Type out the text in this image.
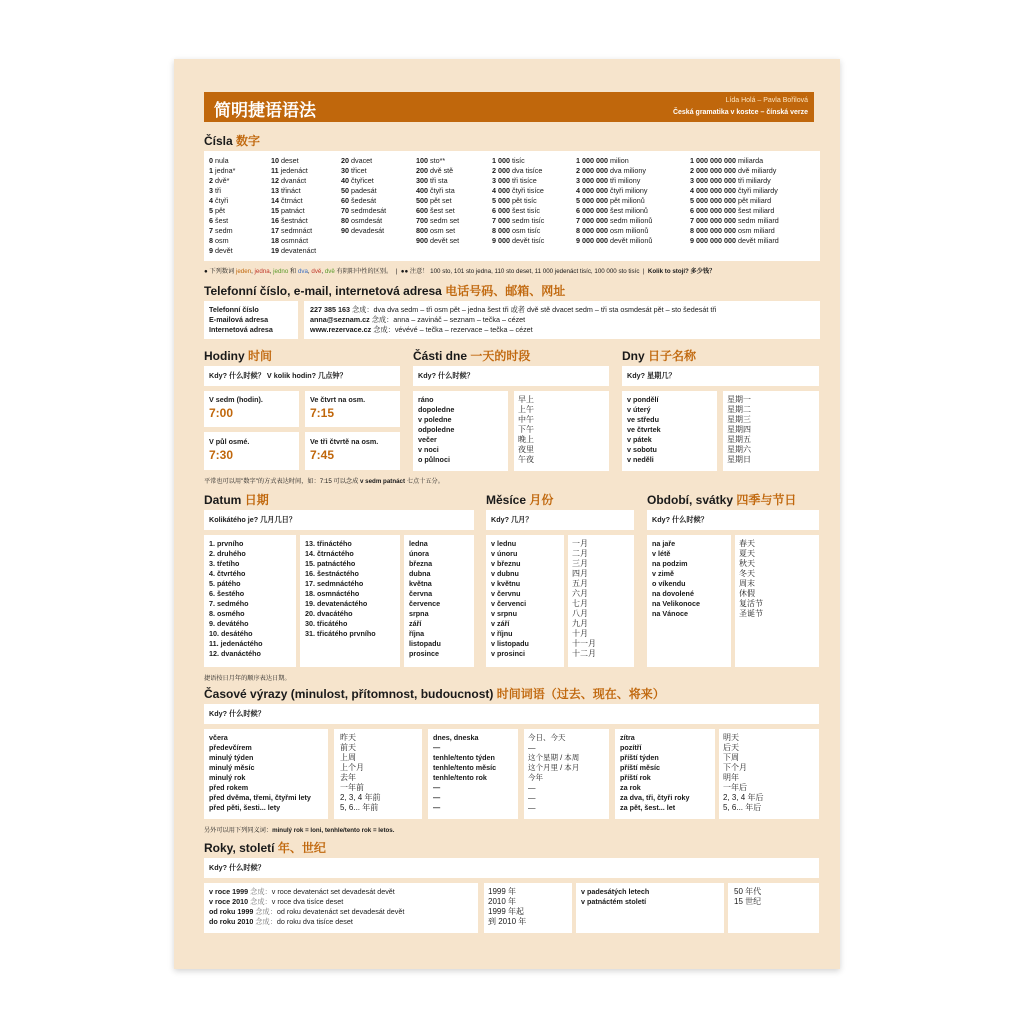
简明捷语语法
Lída Holá – Pavla Bořilová
Česká gramatika v kostce – čínská verze
Čísla 数字
0 nula
1 jedna*
2 dvě*
3 tři
4 čtyři
5 pět
6 šest
7 sedm
8 osm
9 devět
10 deset
11 jedenáct
12 dvanáct
13 třináct
14 čtrnáct
15 patnáct
16 šestnáct
17 sedmnáct
18 osmnáct
19 devatenáct
20 dvacet
30 třicet
40 čtyřicet
50 padesát
60 šedesát
70 sedmdesát
80 osmdesát
90 devadesát
100 sto**
200 dvě stě
300 tři sta
400 čtyři sta
500 pět set
600 šest set
700 sedm set
800 osm set
900 devět set
1 000 tisíc
2 000 dva tisíce
3 000 tři tisíce
4 000 čtyři tisíce
5 000 pět tisíc
6 000 šest tisíc
7 000 sedm tisíc
8 000 osm tisíc
9 000 devět tisíc
1 000 000 milion
2 000 000 dva miliony
3 000 000 tři miliony
4 000 000 čtyři miliony
5 000 000 pět milionů
6 000 000 šest milionů
7 000 000 sedm milionů
8 000 000 osm milionů
9 000 000 devět milionů
1 000 000 000 miliarda
2 000 000 000 dvě miliardy
3 000 000 000 tři miliardy
4 000 000 000 čtyři miliardy
5 000 000 000 pět miliard
6 000 000 000 šest miliard
7 000 000 000 sedm miliard
8 000 000 000 osm miliard
9 000 000 000 devět miliard
● 下列数词 jeden, jedna, jedno 和 dva, dvě, dvě 有阴阳中性的区别。  |  ●● 注意！ 100 sto, 101 sto jedna, 110 sto deset, 11 000 jedenáct tisíc, 100 000 sto tisíc  |  Kolik to stojí? 多少钱？
Telefonní číslo, e-mail, internetová adresa 电话号码、邮箱、网址
Telefonní číslo
E-mailová adresa
Internetová adresa
227 385 163 念成：dva dva sedm – tři osm pět – jedna šest tři 或者 dvě stě dvacet sedm – tři sta osmdesát pět – sto šedesát tři
anna@seznam.cz 念成：anna – zavináč – seznam – tečka – cézet
www.rezervace.cz 念成：vévévé – tečka – rezervace – tečka – cézet
Hodiny 时间
Kdy? 什么时候？ V kolik hodin? 几点钟？
V sedm (hodin).
7:00
Ve čtvrt na osm.
7:15
V půl osmé.
7:30
Ve tři čtvrtě na osm.
7:45
平常也可以用"数字"的方式表达时间，如：7:15 可以念成 v sedm patnáct 七点十五分。
Části dne 一天的时段
Kdy? 什么时候？
ráno
dopoledne
v poledne
odpoledne
večer
v noci
o půlnoci
早上
上午
中午
下午
晚上
夜里
午夜
Dny 日子名称
Kdy? 星期几？
v pondělí
v úterý
ve středu
ve čtvrtek
v pátek
v sobotu
v neděli
星期一
星期二
星期三
星期四
星期五
星期六
星期日
Datum 日期
Kolikátého je? 几月几日？
1. prvního
2. druhého
3. třetího
4. čtvrtého
5. pátého
6. šestého
7. sedmého
8. osmého
9. devátého
10. desátého
11. jedenáctého
12. dvanáctého
13. třináctého
14. čtrnáctého
15. patnáctého
16. šestnáctého
17. sedmnáctého
18. osmnáctého
19. devatenáctého
20. dvacátého
30. třicátého
31. třicátého prvního
ledna
února
března
dubna
května
června
července
srpna
září
října
listopadu
prosince
捷语按日月年的顺序表达日期。
Měsíce 月份
Kdy? 几月？
v lednu
v únoru
v březnu
v dubnu
v květnu
v červnu
v červenci
v srpnu
v září
v říjnu
v listopadu
v prosinci
一月
二月
三月
四月
五月
六月
七月
八月
九月
十月
十一月
十二月
Období, svátky 四季与节日
Kdy? 什么时候？
na jaře
v létě
na podzim
v zimě
o víkendu
na dovolené
na Velikonoce
na Vánoce
春天
夏天
秋天
冬天
周末
休假
复活节
圣诞节
Časové výrazy (minulost, přítomnost, budoucnost) 时间词语（过去、现在、将来）
Kdy? 什么时候？
včera
předevčírem
minulý týden
minulý měsíc
minulý rok
před rokem
před dvěma, třemi, čtyřmi lety
před pěti, šesti... lety
昨天
前天
上周
上个月
去年
一年前
2, 3, 4 年前
5, 6... 年前
dnes, dneska
—
tenhle/tento týden
tenhle/tento měsíc
tenhle/tento rok
—
—
—
今日、今天
—
这个星期 / 本周
这个月里 / 本月
今年
—
—
—
zítra
pozítří
příští týden
příští měsíc
příští rok
za rok
za dva, tři, čtyři roky
za pět, šest... let
明天
后天
下周
下个月
明年
一年后
2, 3, 4 年后
5, 6... 年后
另外可以用下列同义词：minulý rok = loni, tenhle/tento rok = letos.
Roky, století 年、世纪
Kdy? 什么时候？
v roce 1999 念成：v roce devatenáct set devadesát devět
v roce 2010 念成：v roce dva tisíce deset
od roku 1999 念成：od roku devatenáct set devadesát devět
do roku 2010 念成：do roku dva tisíce deset
1999 年
2010 年
1999 年起
到 2010 年
v padesátých letech
v patnáctém století
50 年代
15 世纪
